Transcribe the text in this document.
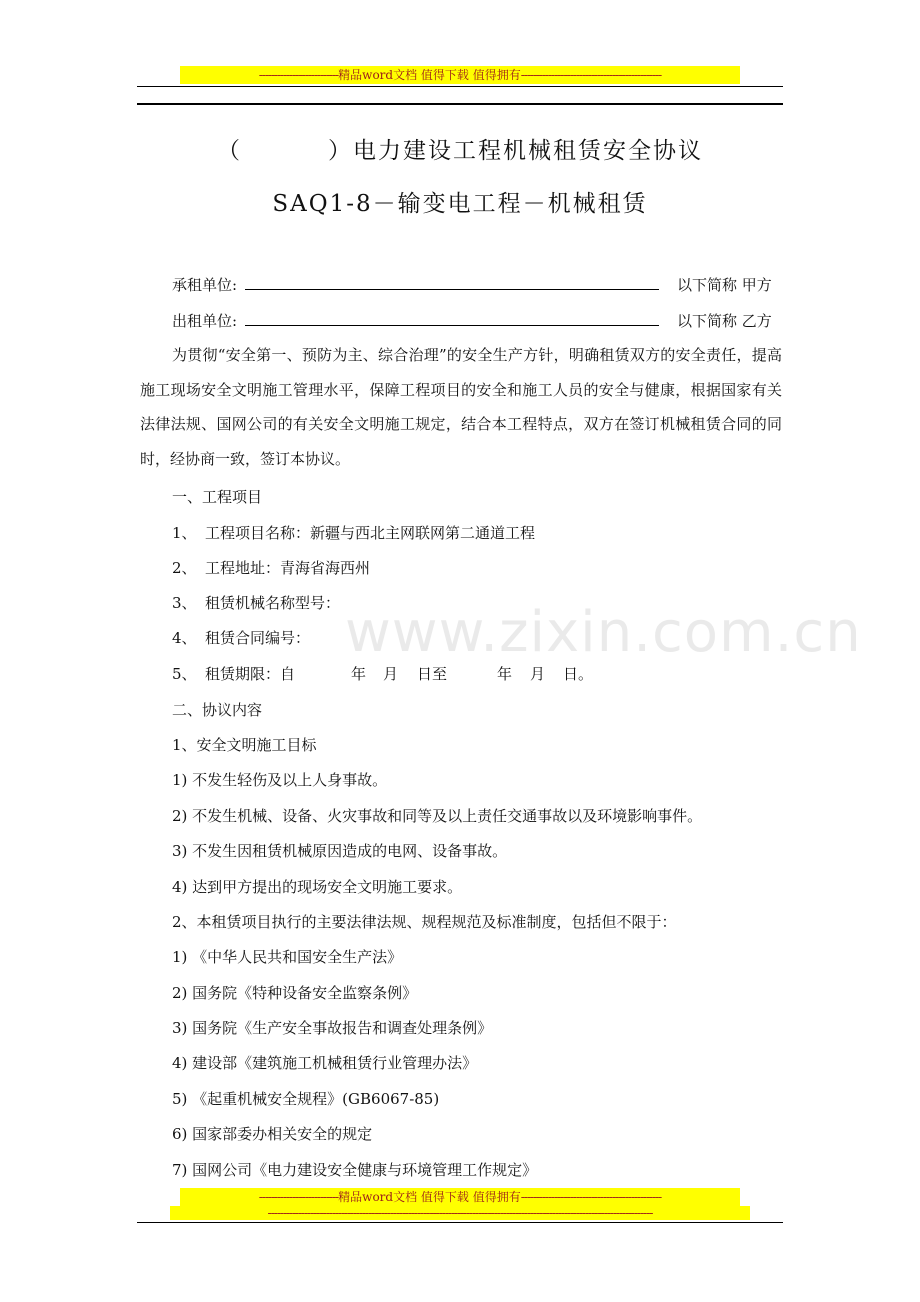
--------------------------精品word文档 值得下载 值得拥有----------------------------------------------
（	）电力建设工程机械租赁安全协议
SAQ1-8－输变电工程－机械租赁
承租单位:	以下简称 甲方
出租单位:	以下简称 乙方
为贯彻“安全第一、预防为主、综合治理”的安全生产方针，明确租赁双方的安全责任，提高施工现场安全文明施工管理水平，保障工程项目的安全和施工人员的安全与健康，根据国家有关法律法规、国网公司的有关安全文明施工规定，结合本工程特点，双方在签订机械租赁合同的同时，经协商一致，签订本协议。
一、工程项目
1、 工程项目名称：新疆与西北主网联网第二通道工程
2、 工程地址：青海省海西州
3、 租赁机械名称型号：
4、 租赁合同编号：
5、 租赁期限：自	年 月 日至	年 月 日。
二、协议内容
1、安全文明施工目标
1) 不发生轻伤及以上人身事故。
2) 不发生机械、设备、火灾事故和同等及以上责任交通事故以及环境影响事件。
3) 不发生因租赁机械原因造成的电网、设备事故。
4) 达到甲方提出的现场安全文明施工要求。
2、本租赁项目执行的主要法律法规、规程规范及标准制度，包括但不限于：
1) 《中华人民共和国安全生产法》
2) 国务院《特种设备安全监察条例》
3) 国务院《生产安全事故报告和调查处理条例》
4) 建设部《建筑施工机械租赁行业管理办法》
5) 《起重机械安全规程》(GB6067-85)
6) 国家部委办相关安全的规定
7) 国网公司《电力建设安全健康与环境管理工作规定》
www.zixin.com.cn
--------------------------精品word文档 值得下载 值得拥有----------------------------------------------
------------------------------------------------------------------------------------------------------------------------------
